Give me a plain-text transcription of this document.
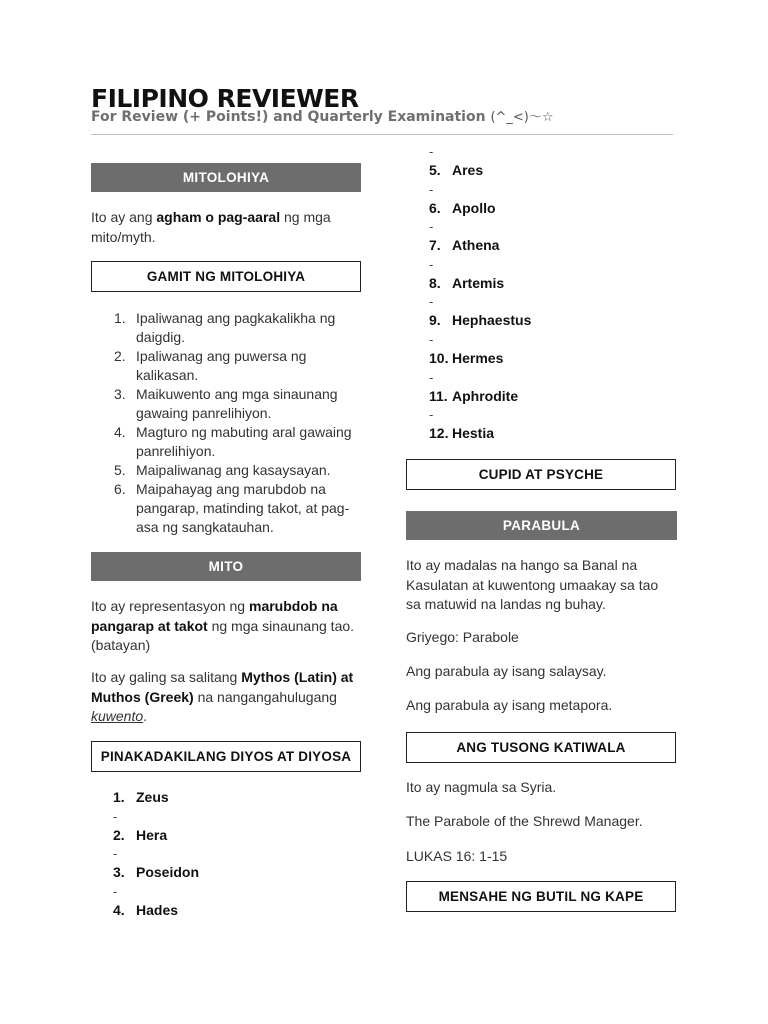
FILIPINO REVIEWER

For Review (+ Points!) and Quarterly Examination (^_<)〜☆

MITOLOHIYA

Ito ay ang agham o pag-aaral ng mga mito/myth.

GAMIT NG MITOLOHIYA
1. Ipaliwanag ang pagkakalikha ng daigdig.
2. Ipaliwanag ang puwersa ng kalikasan.
3. Maikuwento ang mga sinaunang gawaing panrelihiyon.
4. Magturo ng mabuting aral gawaing panrelihiyon.
5. Maipaliwanag ang kasaysayan.
6. Maipahayag ang marubdob na pangarap, matinding takot, at pag-asa ng sangkatauhan.
MITO

Ito ay representasyon ng marubdob na pangarap at takot ng mga sinaunang tao. (batayan)

Ito ay galing sa salitang Mythos (Latin) at Muthos (Greek) na nangangahulugang kuwento.

PINAKADAKILANG DIYOS AT DIYOSA
1. Zeus
-
2. Hera
-
3. Poseidon
-
4. Hades
-
5. Ares
-
6. Apollo
-
7. Athena
-
8. Artemis
-
9. Hephaestus
-
10. Hermes
-
11. Aphrodite
-
12. Hestia
CUPID AT PSYCHE
PARABULA

Ito ay madalas na hango sa Banal na Kasulatan at kuwentong umaakay sa tao sa matuwid na landas ng buhay.

Griyego: Parabole

Ang parabula ay isang salaysay.

Ang parabula ay isang metapora.

ANG TUSONG KATIWALA

Ito ay nagmula sa Syria.

The Parabole of the Shrewd Manager.

LUKAS 16: 1-15

MENSAHE NG BUTIL NG KAPE
